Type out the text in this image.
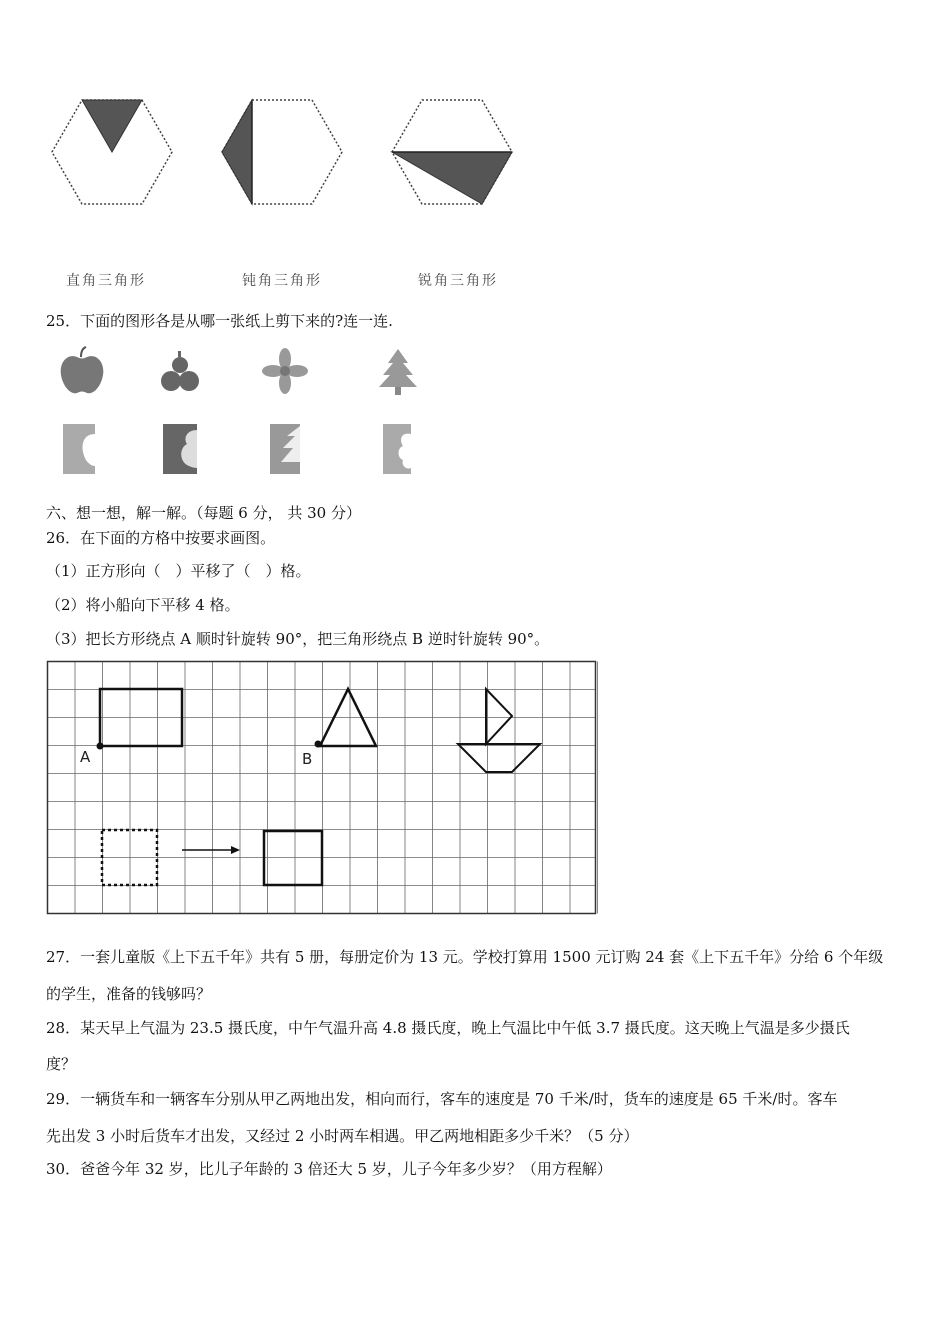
直角三角形	钝角三角形	锐角三角形
25．下面的图形各是从哪一张纸上剪下来的?连一连.
六、想一想，解一解。（每题 6 分， 共 30 分）
26．在下面的方格中按要求画图。
（1）正方形向（　）平移了（　）格。
（2）将小船向下平移 4 格。
（3）把长方形绕点 A 顺时针旋转 90°，把三角形绕点 B 逆时针旋转 90°。
A	B
27．一套儿童版《上下五千年》共有 5 册，每册定价为 13 元。学校打算用 1500 元订购 24 套《上下五千年》分给 6 个年级
的学生，准备的钱够吗？
28．某天早上气温为 23.5 摄氏度，中午气温升高 4.8 摄氏度，晚上气温比中午低 3.7 摄氏度。这天晚上气温是多少摄氏
度？
29．一辆货车和一辆客车分别从甲乙两地出发，相向而行，客车的速度是 70 千米/时，货车的速度是 65 千米/时。客车
先出发 3 小时后货车才出发，又经过 2 小时两车相遇。甲乙两地相距多少千米？（5 分）
30．爸爸今年 32 岁，比儿子年龄的 3 倍还大 5 岁，儿子今年多少岁？（用方程解）
